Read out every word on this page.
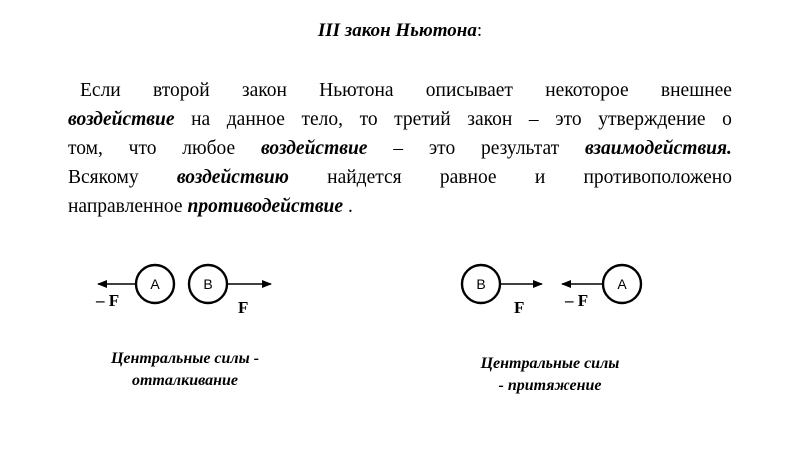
III закон Ньютона:
Если второй закон Ньютона описывает некоторое внешнее
воздействие на данное тело, то третий закон – это утверждение о
том, что любое воздействие – это результат взаимодействия.
Всякому воздействию найдется равное и противоположено
направленное противодействие .
A	B
– F	F
B	A
F – F
Центральные силы -
отталкивание
Центральные силы
- притяжение
